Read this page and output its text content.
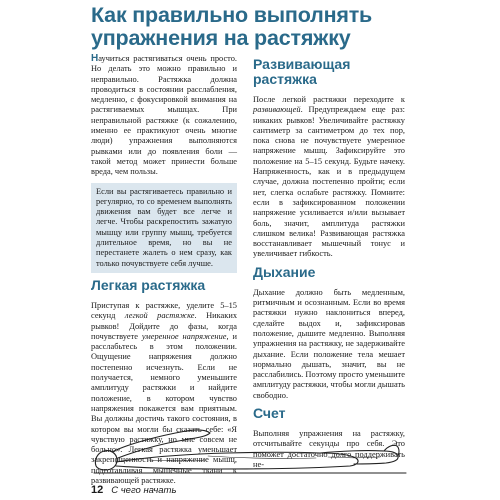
Как правильно выполнять упражнения на растяжку

Научиться растягиваться очень просто. Но делать это можно правильно и неправильно. Растяжка должна проводиться в состоянии расслабления, медленно, с фокусировкой внимания на растягиваемых мышцах. При неправильной растяжке (к сожалению, именно ее практикуют очень многие люди) упражнения выполняются рывками или до появления боли — такой метод может принести больше вреда, чем пользы.

Если вы растягиваетесь правильно и регулярно, то со временем выполнять движения вам будет все легче и легче. Чтобы раскрепостить зажатую мышцу или группу мышц, требуется длительное время, но вы не перестанете жалеть о нем сразу, как только почувствуете себя лучше.
Легкая растяжка

Приступая к растяжке, уделите 5–15 секунд легкой растяжке. Никаких рывков! Дойдите до фазы, когда почувствуете умеренное напряжение, и расслабьтесь в этом положении. Ощущение напряжения должно постепенно исчезнуть. Если не получается, немного уменьшите амплитуду растяжки и найдите положение, в котором чувство напряжения покажется вам приятным. Вы должны достичь такого состояния, в котором вы могли бы сказать себе: «Я чувствую растяжку, но мне совсем не больно». Легкая растяжка уменьшает закрепощенность и напряжение мышц, подготавливая мышечные ткани к развивающей растяжке.

Развивающая растяжка

После легкой растяжки переходите к развивающей. Предупреждаем еще раз: никаких рывков! Увеличивайте растяжку сантиметр за сантиметром до тех пор, пока снова не почувствуете умеренное напряжение мышц. Зафиксируйте это положение на 5–15 секунд. Будьте начеку. Напряженность, как и в предыдущем случае, должна постепенно пройти; если нет, слегка ослабьте растяжку. Помните: если в зафиксированном положении напряжение усиливается и/или вызывает боль, значит, амплитуда растяжки слишком велика! Развивающая растяжка восстанавливает мышечный тонус и увеличивает гибкость.

Дыхание

Дыхание должно быть медленным, ритмичным и осознанным. Если во время растяжки нужно наклониться вперед, сделайте выдох и, зафиксировав положение, дышите медленно. Выполняя упражнения на растяжку, не задерживайте дыхание. Если положение тела мешает нормально дышать, значит, вы не расслабились. Поэтому просто уменьшите амплитуду растяжки, чтобы могли дышать свободно.

Счет

Выполняя упражнения на растяжку, отсчитывайте секунды про себя. Это поможет достаточно долго поддерживать не-

12 С чего начать
